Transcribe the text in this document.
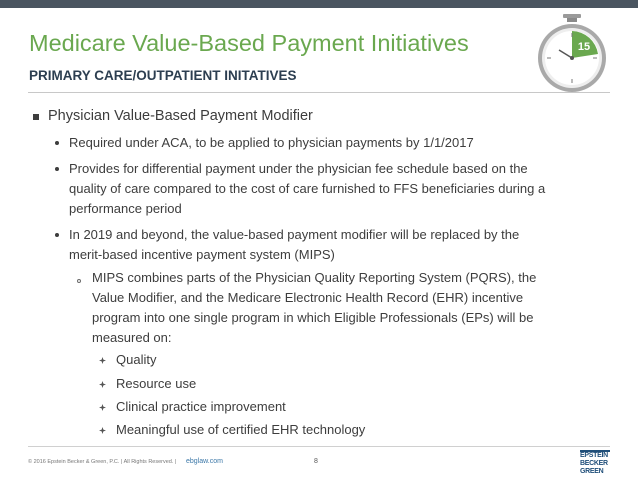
Medicare Value-Based Payment Initiatives
PRIMARY CARE/OUTPATIENT INITATIVES
15
Physician Value-Based Payment Modifier
Required under ACA, to be applied to physician payments by 1/1/2017
Provides for differential payment under the physician fee schedule based on the
quality of care compared to the cost of care furnished to FFS beneficiaries during a
performance period
In 2019 and beyond, the value-based payment modifier will be replaced by the
merit-based incentive payment system (MIPS)
MIPS combines parts of the Physician Quality Reporting System (PQRS), the
Value Modifier, and the Medicare Electronic Health Record (EHR) incentive
program into one single program in which Eligible Professionals (EPs) will be
measured on:
Quality
Resource use
Clinical practice improvement
Meaningful use of certified EHR technology
© 2016 Epstein Becker & Green, P.C. | All Rights Reserved. | ebglaw.com	8
EPSTEIN
BECKER
GREEN
